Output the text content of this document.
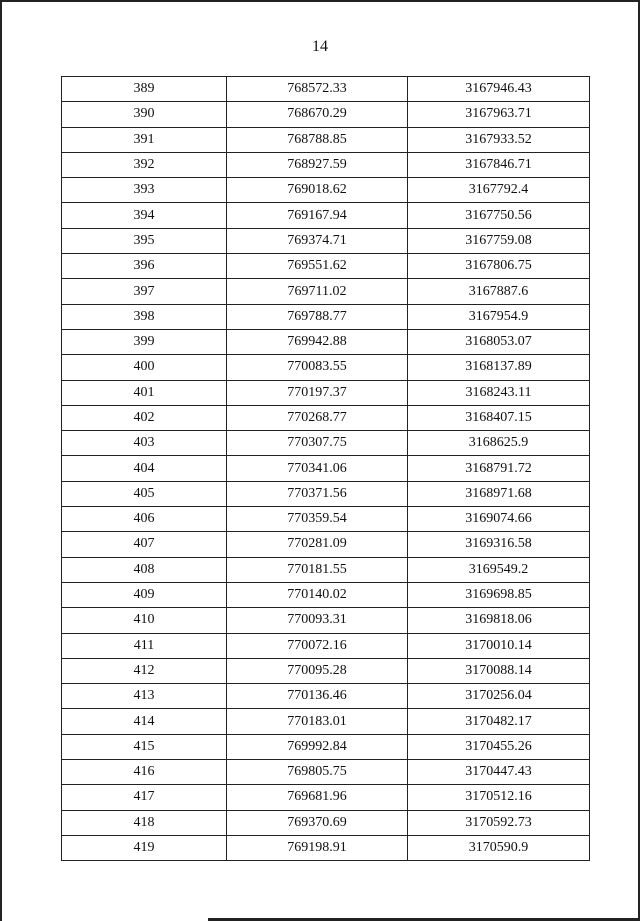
14
389	768572.33	3167946.43
390	768670.29	3167963.71
391	768788.85	3167933.52
392	768927.59	3167846.71
393	769018.62	3167792.4
394	769167.94	3167750.56
395	769374.71	3167759.08
396	769551.62	3167806.75
397	769711.02	3167887.6
398	769788.77	3167954.9
399	769942.88	3168053.07
400	770083.55	3168137.89
401	770197.37	3168243.11
402	770268.77	3168407.15
403	770307.75	3168625.9
404	770341.06	3168791.72
405	770371.56	3168971.68
406	770359.54	3169074.66
407	770281.09	3169316.58
408	770181.55	3169549.2
409	770140.02	3169698.85
410	770093.31	3169818.06
411	770072.16	3170010.14
412	770095.28	3170088.14
413	770136.46	3170256.04
414	770183.01	3170482.17
415	769992.84	3170455.26
416	769805.75	3170447.43
417	769681.96	3170512.16
418	769370.69	3170592.73
419	769198.91	3170590.9
